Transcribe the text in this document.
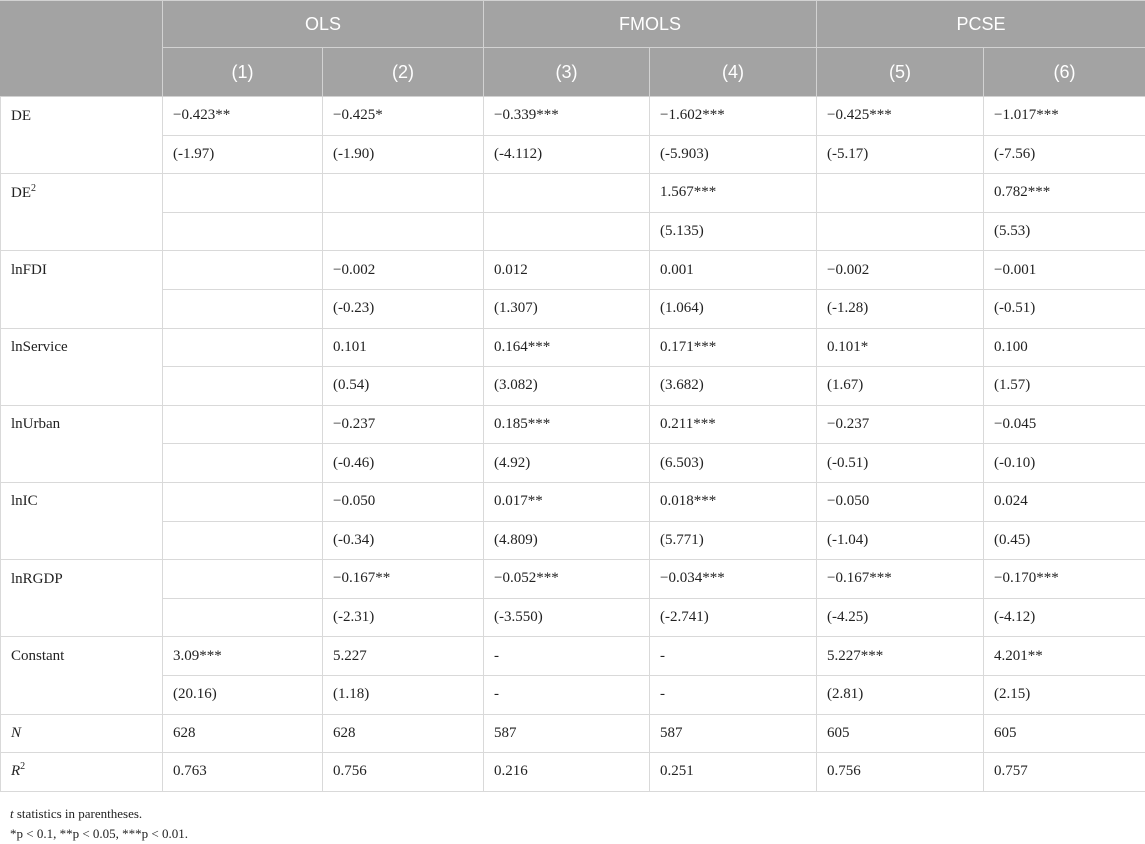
	OLS		FMOLS		PCSE	
	(1)	(2)	(3)	(4)	(5)	(6)
DE	−0.423**	−0.425*	−0.339***	−1.602***	−0.425***	−1.017***
	(-1.97)	(-1.90)	(-4.112)	(-5.903)	(-5.17)	(-7.56)
$DE^2$				1.567***		0.782***
				(5.135)		(5.53)
lnFDI		−0.002	0.012	0.001	−0.002	−0.001
		(-0.23)	(1.307)	(1.064)	(-1.28)	(-0.51)
lnService		0.101	0.164***	0.171***	0.101*	0.100
		(0.54)	(3.082)	(3.682)	(1.67)	(1.57)
lnUrban		−0.237	0.185***	0.211***	−0.237	−0.045
		(-0.46)	(4.92)	(6.503)	(-0.51)	(-0.10)
lnIC		−0.050	0.017**	0.018***	−0.050	0.024
		(-0.34)	(4.809)	(5.771)	(-1.04)	(0.45)
lnRGDP		−0.167**	−0.052***	−0.034***	−0.167***	−0.170***
		(-2.31)	(-3.550)	(-2.741)	(-4.25)	(-4.12)
Constant	3.09***	5.227	-	-	5.227***	4.201**
	(20.16)	(1.18)	-	-	(2.81)	(2.15)
N	628	628	587	587	605	605
$R^2$	0.763	0.756	0.216	0.251	0.756	0.757
t statistics in parentheses.
*p < 0.1, **p < 0.05, ***p < 0.01.
